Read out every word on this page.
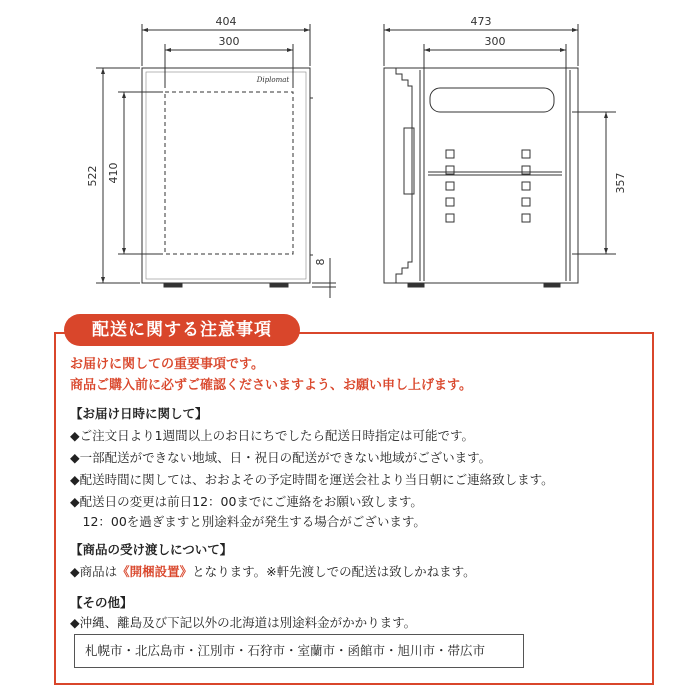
404
300
522 410
8
Diplomat
473
300
357
配送に関する注意事項
お届けに関しての重要事項です。
商品ご購入前に必ずご確認くださいますよう、お願い申し上げます。
【お届け日時に関して】
◆ご注文日より1週間以上のお日にちでしたら配送日時指定は可能です。
◆一部配送ができない地域、日・祝日の配送ができない地域がございます。
◆配送時間に関しては、おおよその予定時間を運送会社より当日朝にご連絡致します。
◆配送日の変更は前日12：00までにご連絡をお願い致します。
　12：00を過ぎますと別途料金が発生する場合がございます。
【商品の受け渡しについて】
◆商品は《開梱設置》となります。※軒先渡しでの配送は致しかねます。
【その他】
◆沖縄、離島及び下記以外の北海道は別途料金がかかります。
札幌市・北広島市・江別市・石狩市・室蘭市・函館市・旭川市・帯広市
